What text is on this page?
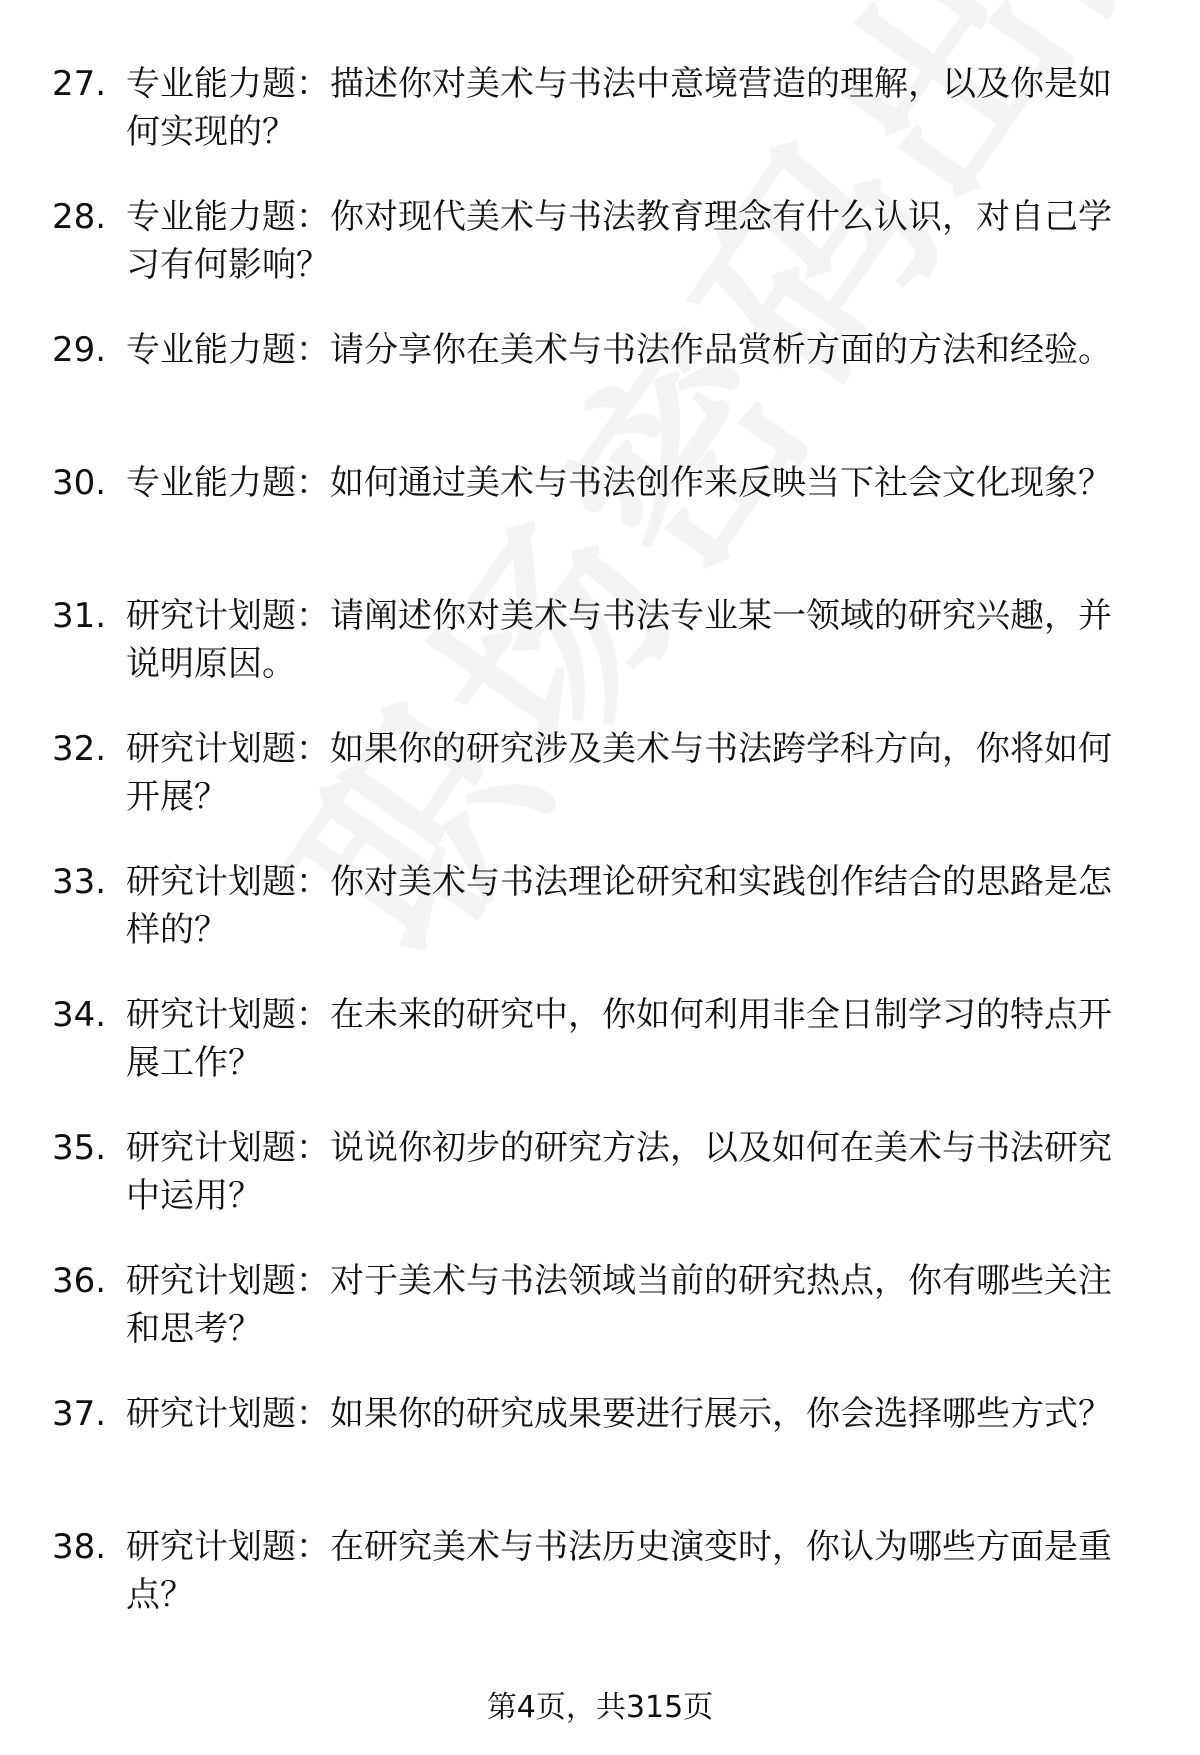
27. 专业能力题：描述你对美术与书法中意境营造的理解，以及你是如何实现的？
28. 专业能力题：你对现代美术与书法教育理念有什么认识，对自己学习有何影响？
29. 专业能力题：请分享你在美术与书法作品赏析方面的方法和经验。
30. 专业能力题：如何通过美术与书法创作来反映当下社会文化现象？
31. 研究计划题：请阐述你对美术与书法专业某一领域的研究兴趣，并说明原因。
32. 研究计划题：如果你的研究涉及美术与书法跨学科方向，你将如何开展？
33. 研究计划题：你对美术与书法理论研究和实践创作结合的思路是怎样的？
34. 研究计划题：在未来的研究中，你如何利用非全日制学习的特点开展工作？
35. 研究计划题：说说你初步的研究方法，以及如何在美术与书法研究中运用？
36. 研究计划题：对于美术与书法领域当前的研究热点，你有哪些关注和思考？
37. 研究计划题：如果你的研究成果要进行展示，你会选择哪些方式？
38. 研究计划题：在研究美术与书法历史演变时，你认为哪些方面是重点？
第4页，共315页
